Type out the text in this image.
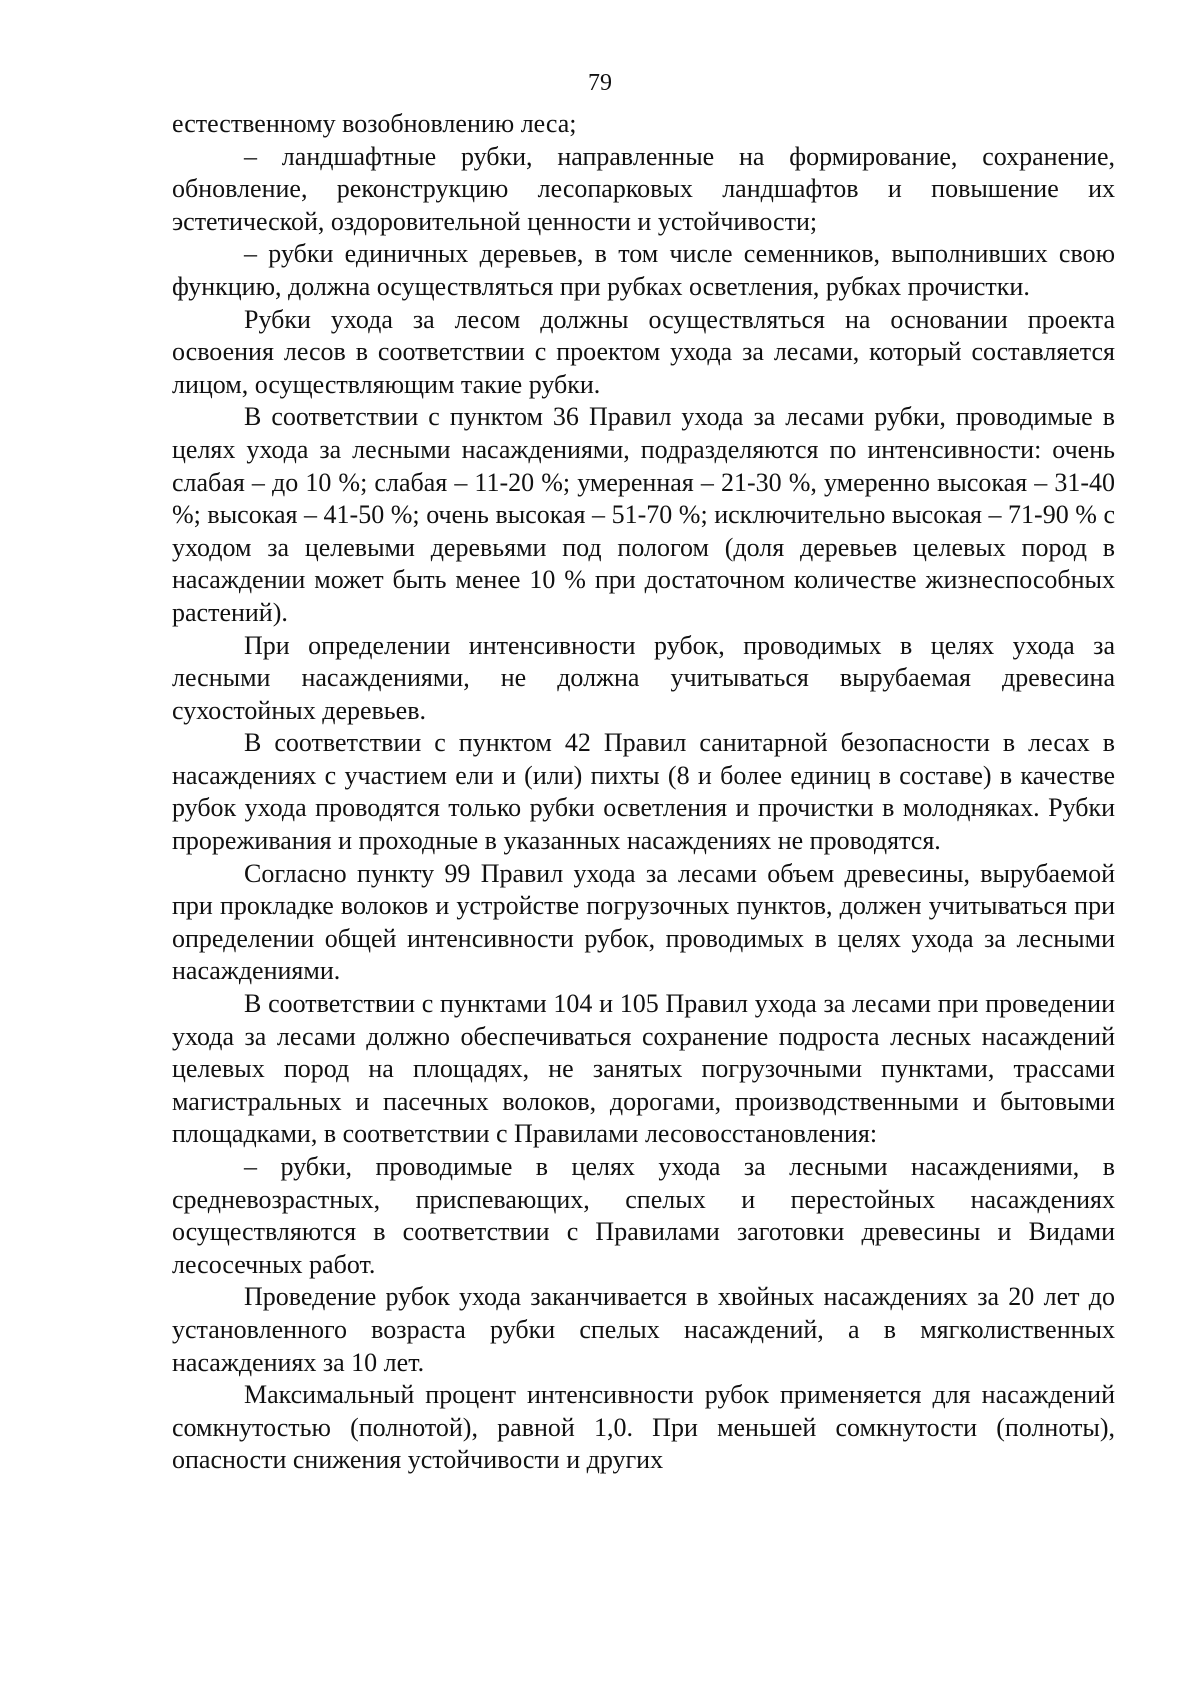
79

естественному возобновлению леса;

– ландшафтные рубки, направленные на формирование, сохранение, обновление, реконструкцию лесопарковых ландшафтов и повышение их эстетической, оздоровительной ценности и устойчивости;

– рубки единичных деревьев, в том числе семенников, выполнивших свою функцию, должна осуществляться при рубках осветления, рубках прочистки.

Рубки ухода за лесом должны осуществляться на основании проекта освоения лесов в соответствии с проектом ухода за лесами, который составляется лицом, осуществляющим такие рубки.

В соответствии с пунктом 36 Правил ухода за лесами рубки, проводимые в целях ухода за лесными насаждениями, подразделяются по интенсивности: очень слабая – до 10 %; слабая – 11-20 %; умеренная – 21-30 %, умеренно высокая – 31-40 %; высокая – 41-50 %; очень высокая – 51-70 %; исключительно высокая – 71-90 % с уходом за целевыми деревьями под пологом (доля деревьев целевых пород в насаждении может быть менее 10 % при достаточном количестве жизнеспособных растений).

При определении интенсивности рубок, проводимых в целях ухода за лесными насаждениями, не должна учитываться вырубаемая древесина сухостойных деревьев.

В соответствии с пунктом 42 Правил санитарной безопасности в лесах в насаждениях с участием ели и (или) пихты (8 и более единиц в составе) в качестве рубок ухода проводятся только рубки осветления и прочистки в молодняках. Рубки прореживания и проходные в указанных насаждениях не проводятся.

Согласно пункту 99 Правил ухода за лесами объем древесины, вырубаемой при прокладке волоков и устройстве погрузочных пунктов, должен учитываться при определении общей интенсивности рубок, проводимых в целях ухода за лесными насаждениями.

В соответствии с пунктами 104 и 105 Правил ухода за лесами при проведении ухода за лесами должно обеспечиваться сохранение подроста лесных насаждений целевых пород на площадях, не занятых погрузочными пунктами, трассами магистральных и пасечных волоков, дорогами, производственными и бытовыми площадками, в соответствии с Правилами лесовосстановления:

– рубки, проводимые в целях ухода за лесными насаждениями, в средневозрастных, приспевающих, спелых и перестойных насаждениях осуществляются в соответствии с Правилами заготовки древесины и Видами лесосечных работ.

Проведение рубок ухода заканчивается в хвойных насаждениях за 20 лет до установленного возраста рубки спелых насаждений, а в мягколиственных насаждениях за 10 лет.

Максимальный процент интенсивности рубок применяется для насаждений сомкнутостью (полнотой), равной 1,0. При меньшей сомкнутости (полноты), опасности снижения устойчивости и других
